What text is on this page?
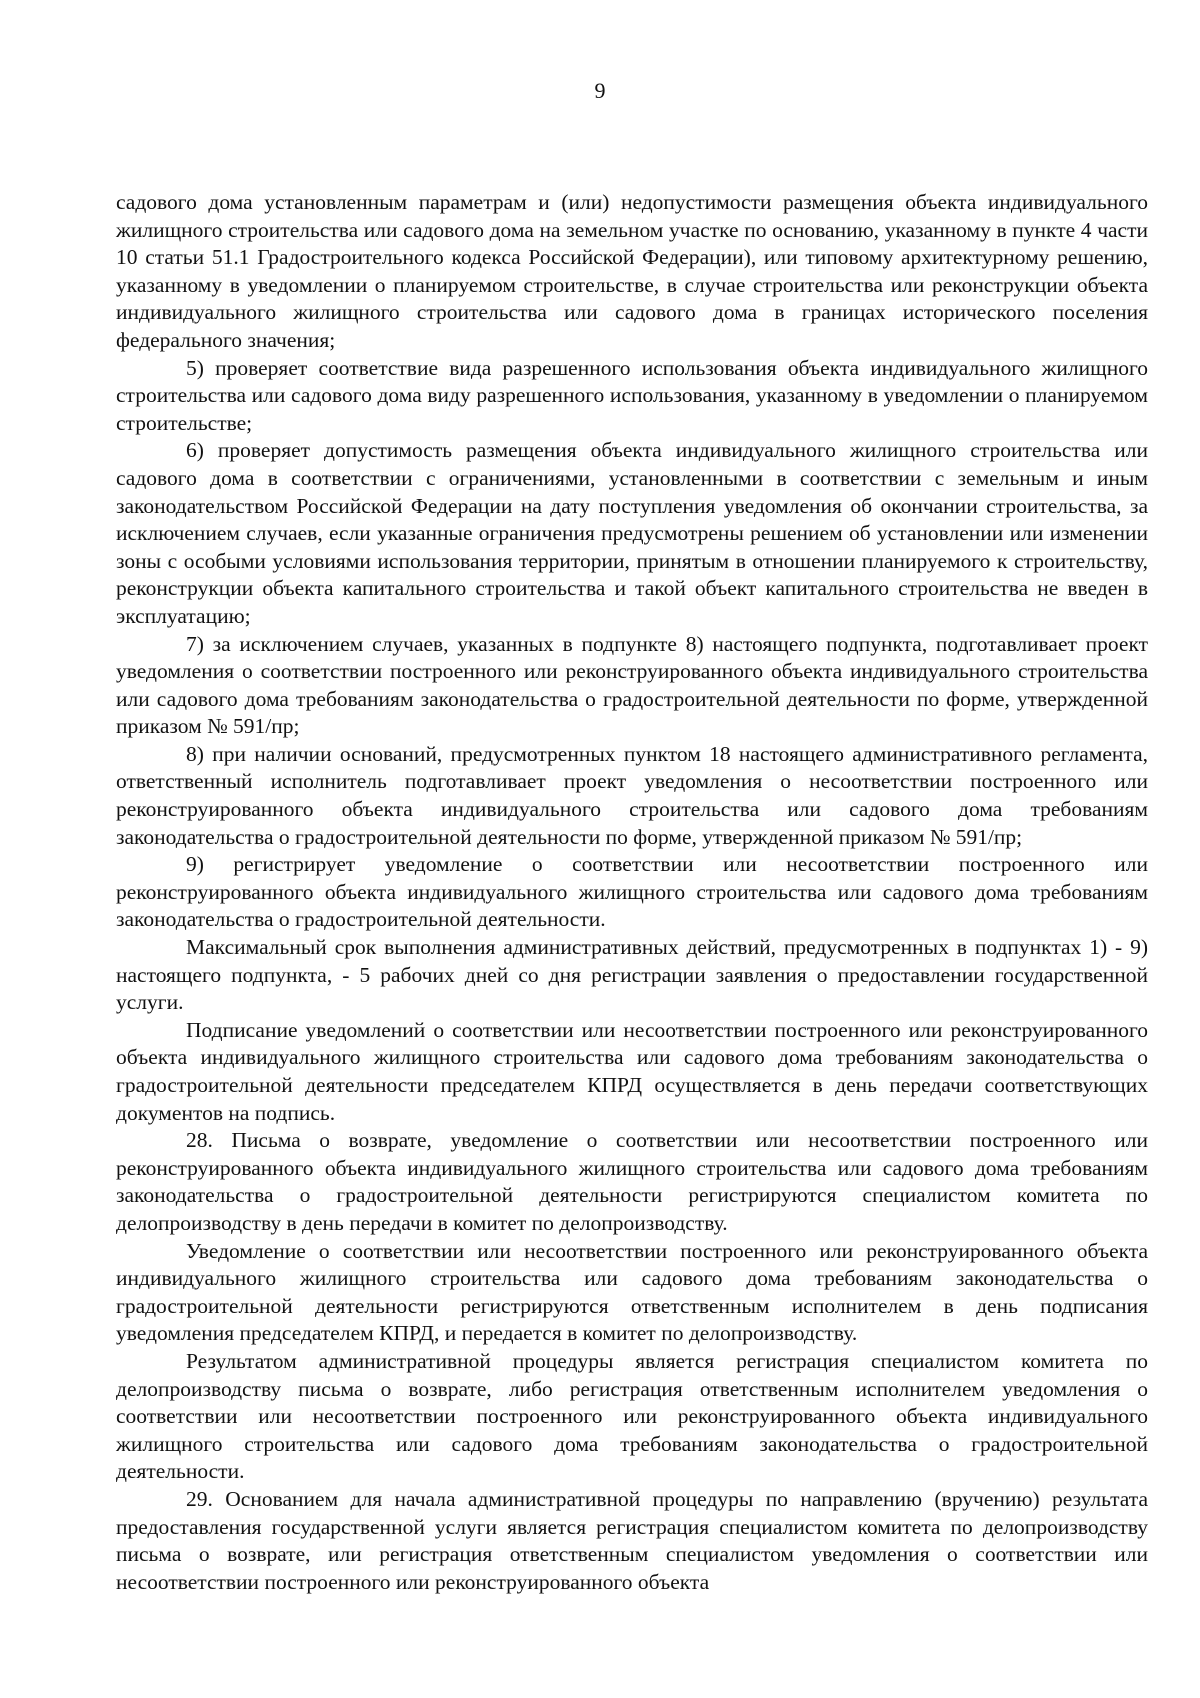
9

садового дома установленным параметрам и (или) недопустимости размещения объекта индивидуального жилищного строительства или садового дома на земельном участке по основанию, указанному в пункте 4 части 10 статьи 51.1 Градостроительного кодекса Российской Федерации), или типовому архитектурному решению, указанному в уведомлении о планируемом строительстве, в случае строительства или реконструкции объекта индивидуального жилищного строительства или садового дома в границах исторического поселения федерального значения;

5) проверяет соответствие вида разрешенного использования объекта индивидуального жилищного строительства или садового дома виду разрешенного использования, указанному в уведомлении о планируемом строительстве;

6) проверяет допустимость размещения объекта индивидуального жилищного строительства или садового дома в соответствии с ограничениями, установленными в соответствии с земельным и иным законодательством Российской Федерации на дату поступления уведомления об окончании строительства, за исключением случаев, если указанные ограничения предусмотрены решением об установлении или изменении зоны с особыми условиями использования территории, принятым в отношении планируемого к строительству, реконструкции объекта капитального строительства и такой объект капитального строительства не введен в эксплуатацию;

7) за исключением случаев, указанных в подпункте 8) настоящего подпункта, подготавливает проект уведомления о соответствии построенного или реконструированного объекта индивидуального строительства или садового дома требованиям законодательства о градостроительной деятельности по форме, утвержденной приказом № 591/пр;

8) при наличии оснований, предусмотренных пунктом 18 настоящего административного регламента, ответственный исполнитель подготавливает проект уведомления о несоответствии построенного или реконструированного объекта индивидуального строительства или садового дома требованиям законодательства о градостроительной деятельности по форме, утвержденной приказом № 591/пр;

9) регистрирует уведомление о соответствии или несоответствии построенного или реконструированного объекта индивидуального жилищного строительства или садового дома требованиям законодательства о градостроительной деятельности.

Максимальный срок выполнения административных действий, предусмотренных в подпунктах 1) - 9) настоящего подпункта, - 5 рабочих дней со дня регистрации заявления о предоставлении государственной услуги.

Подписание уведомлений о соответствии или несоответствии построенного или реконструированного объекта индивидуального жилищного строительства или садового дома требованиям законодательства о градостроительной деятельности председателем КПРД осуществляется в день передачи соответствующих документов на подпись.

28. Письма о возврате, уведомление о соответствии или несоответствии построенного или реконструированного объекта индивидуального жилищного строительства или садового дома требованиям законодательства о градостроительной деятельности регистрируются специалистом комитета по делопроизводству в день передачи в комитет по делопроизводству.

Уведомление о соответствии или несоответствии построенного или реконструированного объекта индивидуального жилищного строительства или садового дома требованиям законодательства о градостроительной деятельности регистрируются ответственным исполнителем в день подписания уведомления председателем КПРД, и передается в комитет по делопроизводству.

Результатом административной процедуры является регистрация специалистом комитета по делопроизводству письма о возврате, либо регистрация ответственным исполнителем уведомления о соответствии или несоответствии построенного или реконструированного объекта индивидуального жилищного строительства или садового дома требованиям законодательства о градостроительной деятельности.

29. Основанием для начала административной процедуры по направлению (вручению) результата предоставления государственной услуги является регистрация специалистом комитета по делопроизводству письма о возврате, или регистрация ответственным специалистом уведомления о соответствии или несоответствии построенного или реконструированного объекта
